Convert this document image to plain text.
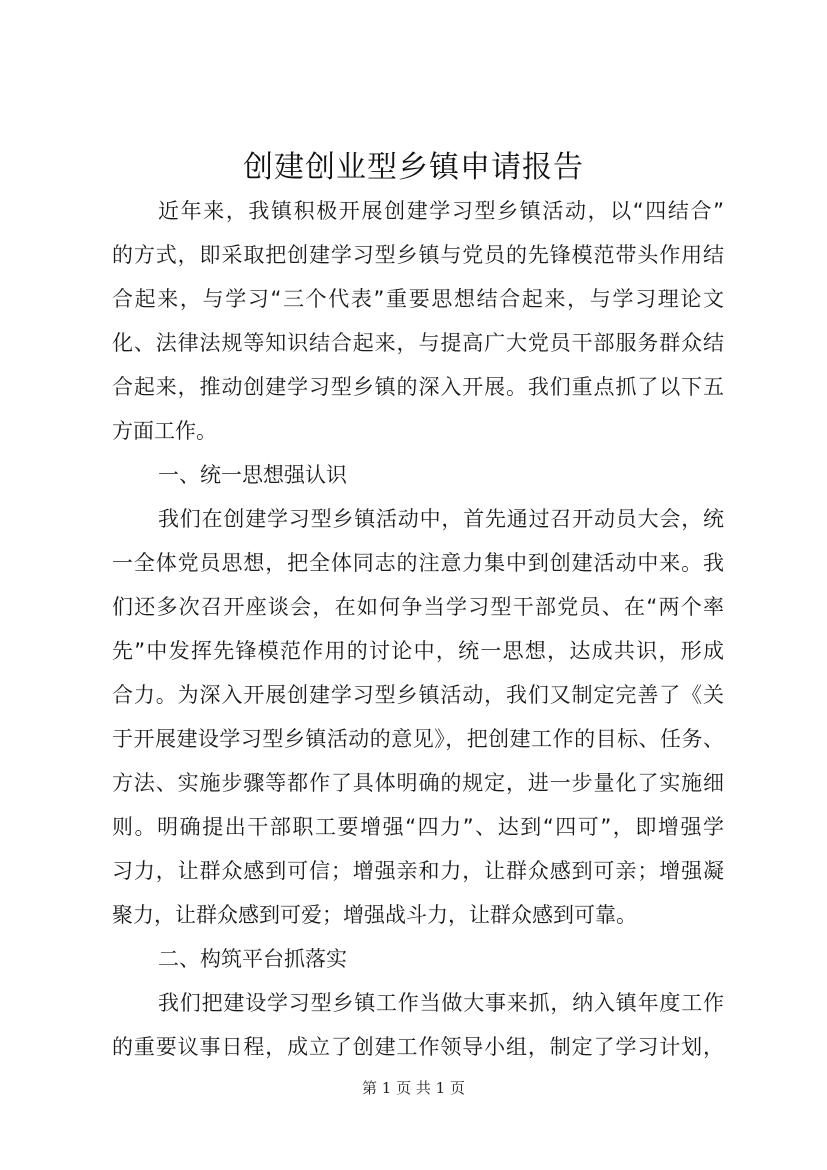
创建创业型乡镇申请报告
近年来，我镇积极开展创建学习型乡镇活动，以“四结合”
的方式，即采取把创建学习型乡镇与党员的先锋模范带头作用结
合起来，与学习“三个代表”重要思想结合起来，与学习理论文
化、法律法规等知识结合起来，与提高广大党员干部服务群众结
合起来，推动创建学习型乡镇的深入开展。我们重点抓了以下五
方面工作。
一、统一思想强认识
我们在创建学习型乡镇活动中，首先通过召开动员大会，统
一全体党员思想，把全体同志的注意力集中到创建活动中来。我
们还多次召开座谈会，在如何争当学习型干部党员、在“两个率
先”中发挥先锋模范作用的讨论中，统一思想，达成共识，形成
合力。为深入开展创建学习型乡镇活动，我们又制定完善了《关
于开展建设学习型乡镇活动的意见》，把创建工作的目标、任务、
方法、实施步骤等都作了具体明确的规定，进一步量化了实施细
则。明确提出干部职工要增强“四力”、达到“四可”，即增强学
习力，让群众感到可信；增强亲和力，让群众感到可亲；增强凝
聚力，让群众感到可爱；增强战斗力，让群众感到可靠。
二、构筑平台抓落实
我们把建设学习型乡镇工作当做大事来抓，纳入镇年度工作
的重要议事日程，成立了创建工作领导小组，制定了学习计划，
第 1 页 共 1 页
